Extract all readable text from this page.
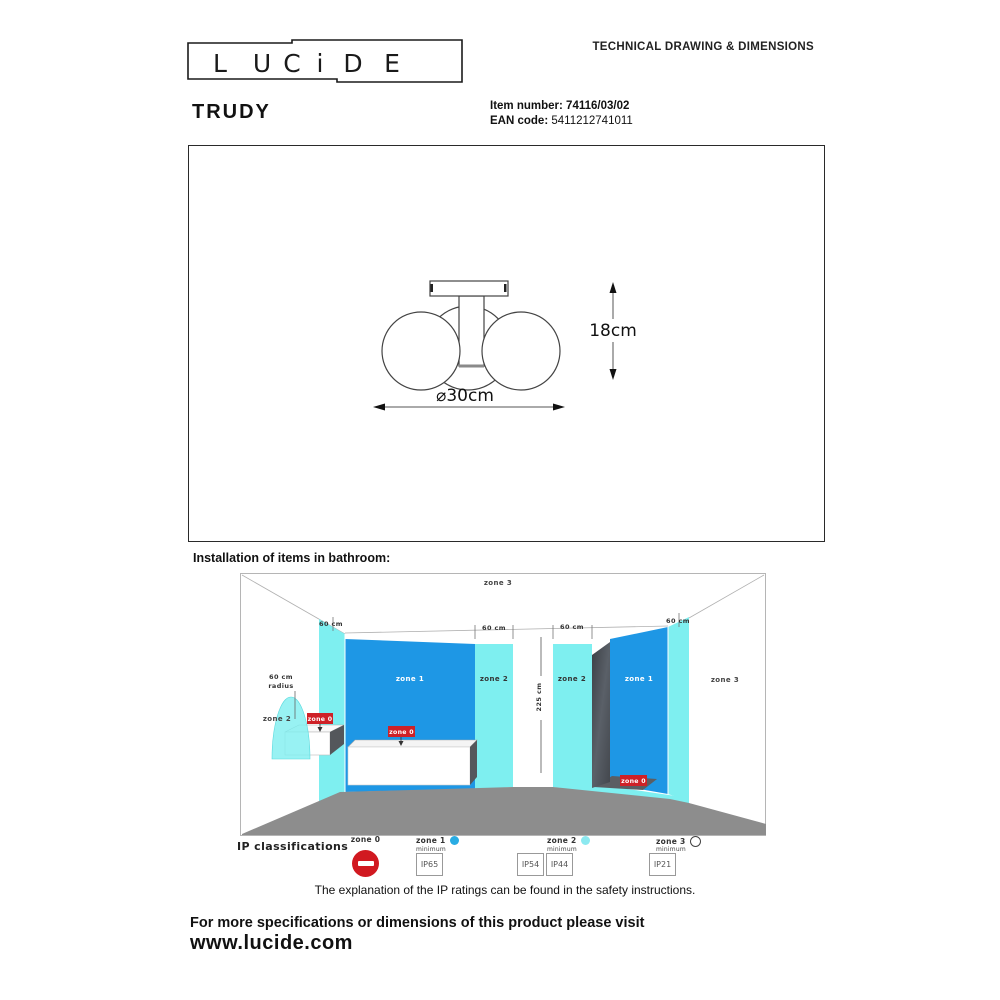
L U C i D E
TECHNICAL DRAWING & DIMENSIONS
TRUDY	Item number: 74116/03/02
EAN code: 5411212741011
18cm
⌀30cm
Installation of items in bathroom:
225 cm
60 cm	60 cm	60 cm
60 cm
60 cm
radius
zone 3
zone 1	zone 2	zone 2	zone 1	zone 3
zone 2	zone 0
zone 0
zone 0
IP classifications
zone 0	zone 1
minimum
IP65
zone 2
minimum
IP54	IP44
zone 3
minimum
IP21
The explanation of the IP ratings can be found in the safety instructions.
For more specifications or dimensions of this product please visit
www.lucide.com
